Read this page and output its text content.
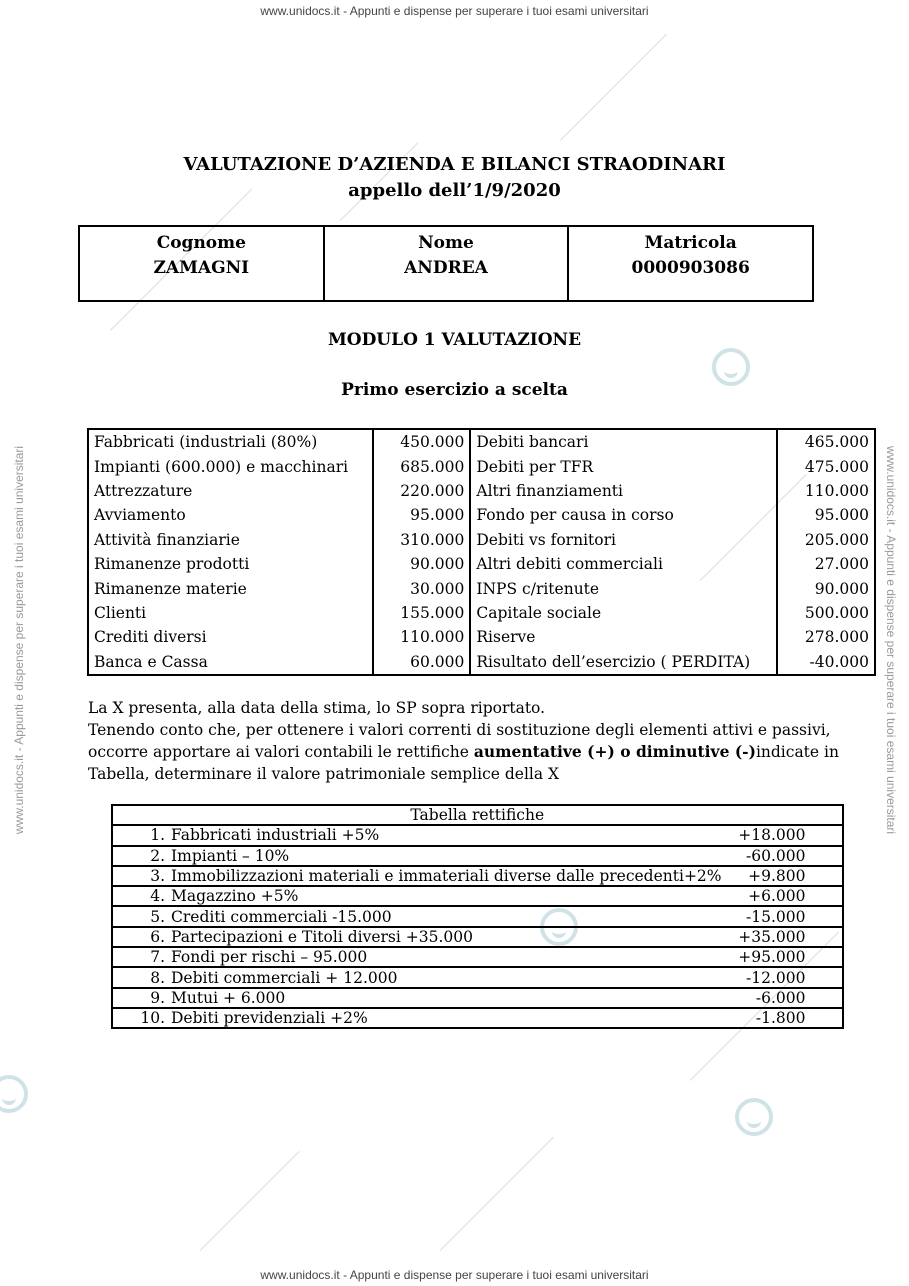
www.unidocs.it - Appunti e dispense per superare i tuoi esami universitari
www.unidocs.it - Appunti e dispense per superare i tuoi esami universitari
www.unidocs.it - Appunti e dispense per superare i tuoi esami universitari	www.unidocs.it - Appunti e dispense per superare i tuoi esami universitari
VALUTAZIONE D’AZIENDA E BILANCI STRAODINARI
appello dell’1/9/2020
Cognome
ZAMAGNI

Nome
ANDREA

Matricola
0000903086
MODULO 1 VALUTAZIONE
Primo esercizio a scelta
Fabbricati (industriali (80%)	450.000	Debiti bancari	465.000
Impianti (600.000) e macchinari	685.000	Debiti per TFR	475.000
Attrezzature	220.000	Altri finanziamenti	110.000
Avviamento	95.000	Fondo per causa in corso	95.000
Attività finanziarie	310.000	Debiti vs fornitori	205.000
Rimanenze prodotti	90.000	Altri debiti commerciali	27.000
Rimanenze materie	30.000	INPS c/ritenute	90.000
Clienti	155.000	Capitale sociale	500.000
Crediti diversi	110.000	Riserve	278.000
Banca e Cassa	60.000	Risultato dell’esercizio ( PERDITA)	-40.000

La X presenta, alla data della stima, lo SP sopra riportato.

Tenendo conto che, per ottenere i valori correnti di sostituzione degli elementi attivi e passivi,

occorre apportare ai valori contabili le rettifiche aumentative (+) o diminutive (-)indicate in

Tabella, determinare il valore patrimoniale semplice della X

Tabella rettifiche

1. Fabbricati industriali +5%	+18.000

2. Impianti – 10%	-60.000

3. Immobilizzazioni materiali e immateriali diverse dalle precedenti+2%	+9.800

4. Magazzino +5%	+6.000

5. Crediti commerciali -15.000	-15.000

6. Partecipazioni e Titoli diversi +35.000	+35.000

7. Fondi per rischi – 95.000	+95.000

8. Debiti commerciali + 12.000	-12.000

9. Mutui + 6.000	-6.000

10. Debiti previdenziali +2%	-1.800
